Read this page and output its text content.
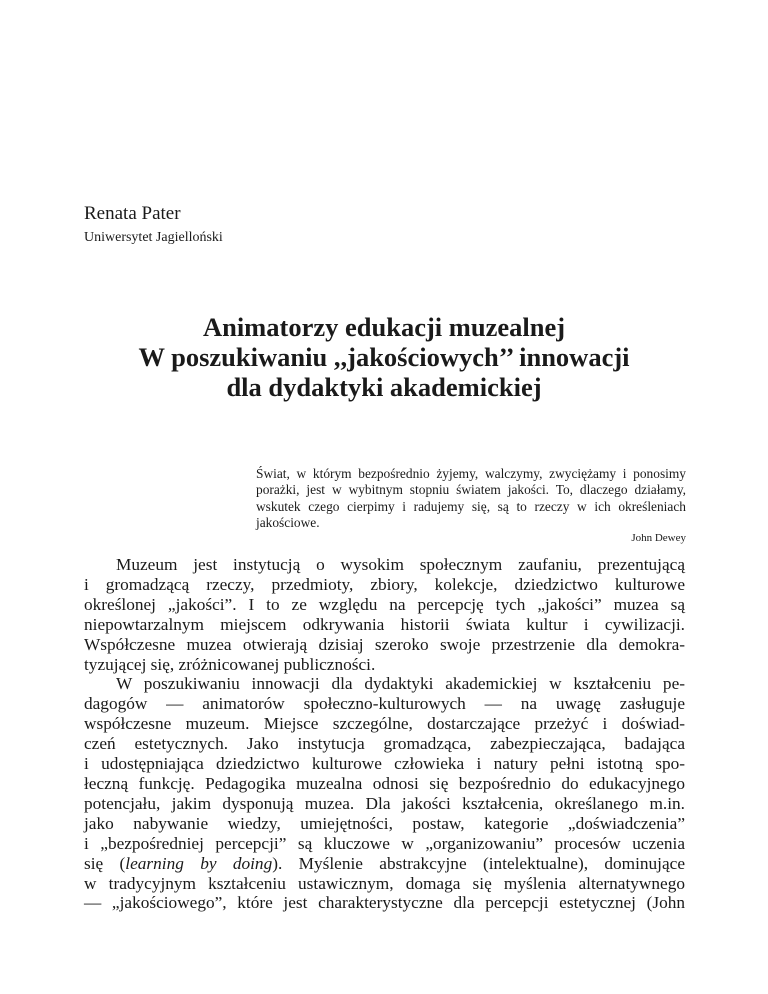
Renata Pater
Uniwersytet Jagielloński
Animatorzy edukacji muzealnej
W poszukiwaniu ,,jakościowych’’ innowacji
dla dydaktyki akademickiej
Świat, w którym bezpośrednio żyjemy, walczymy, zwyciężamy i ponosimy porażki, jest w wybitnym stopniu światem jakości. To, dlaczego działamy, wskutek czego cierpimy i radujemy się, są to rzeczy w ich określeniach jakościowe.
John Dewey
Muzeum jest instytucją o wysokim społecznym zaufaniu, prezentującą
i gromadzącą rzeczy, przedmioty, zbiory, kolekcje, dziedzictwo kulturowe
określonej „jakości”. I to ze względu na percepcję tych „jakości” muzea są
niepowtarzalnym miejscem odkrywania historii świata kultur i cywilizacji.
Współczesne muzea otwierają dzisiaj szeroko swoje przestrzenie dla demokra-
tyzującej się, zróżnicowanej publiczności.
W poszukiwaniu innowacji dla dydaktyki akademickiej w kształceniu pe-
dagogów — animatorów społeczno-kulturowych — na uwagę zasługuje
współczesne muzeum. Miejsce szczególne, dostarczające przeżyć i doświad-
czeń estetycznych. Jako instytucja gromadząca, zabezpieczająca, badająca
i udostępniająca dziedzictwo kulturowe człowieka i natury pełni istotną spo-
łeczną funkcję. Pedagogika muzealna odnosi się bezpośrednio do edukacyjnego
potencjału, jakim dysponują muzea. Dla jakości kształcenia, określanego m.in.
jako nabywanie wiedzy, umiejętności, postaw, kategorie „doświadczenia”
i „bezpośredniej percepcji” są kluczowe w „organizowaniu” procesów uczenia
się (learning by doing). Myślenie abstrakcyjne (intelektualne), dominujące
w tradycyjnym kształceniu ustawicznym, domaga się myślenia alternatywnego
— „jakościowego”, które jest charakterystyczne dla percepcji estetycznej (John
